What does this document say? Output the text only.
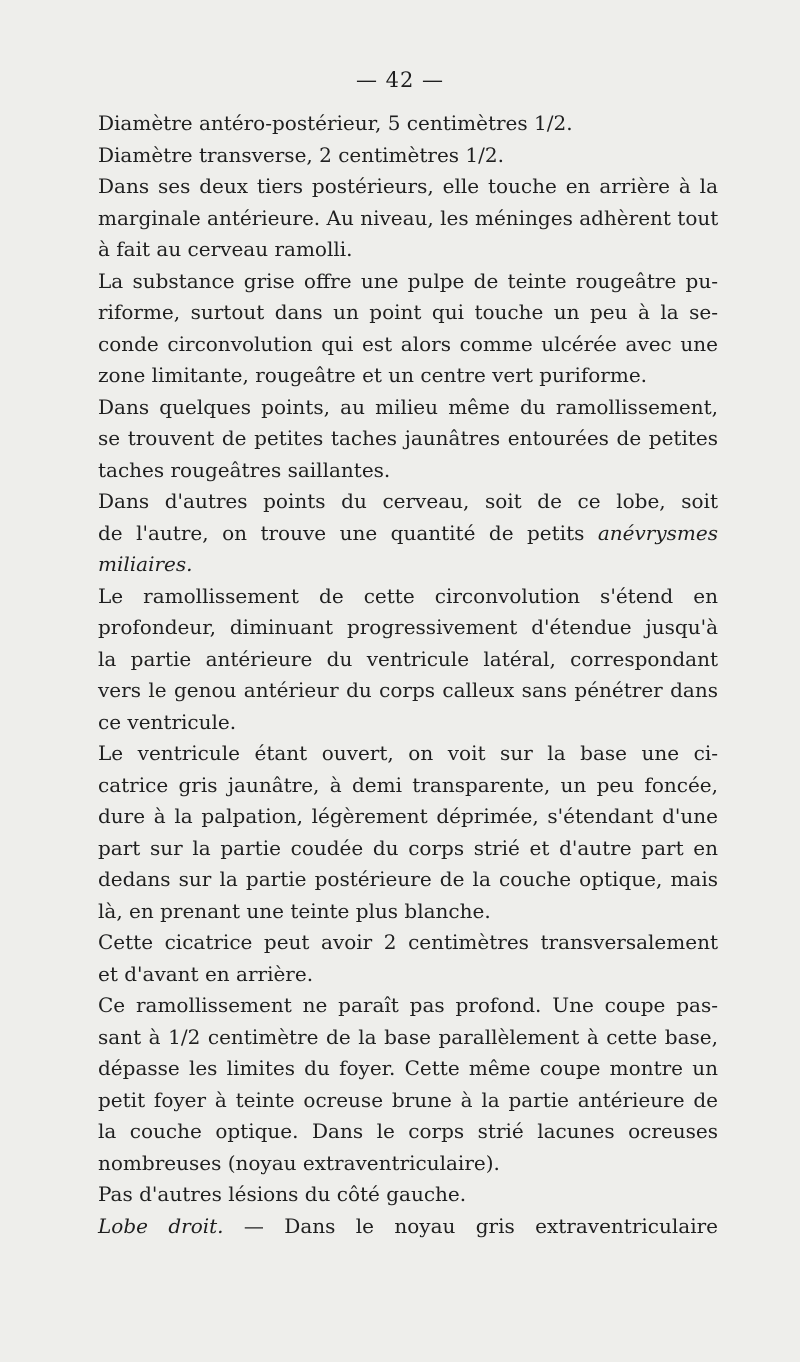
— 42 —
Diamètre antéro-postérieur, 5 centimètres 1/2.
Diamètre transverse, 2 centimètres 1/2.
Dans ses deux tiers postérieurs, elle touche en arrière à la
marginale antérieure. Au niveau, les méninges adhèrent tout
à fait au cerveau ramolli.
La substance grise offre une pulpe de teinte rougeâtre pu-
riforme, surtout dans un point qui touche un peu à la se-
conde circonvolution qui est alors comme ulcérée avec une
zone limitante, rougeâtre et un centre vert puriforme.
Dans quelques points, au milieu même du ramollissement,
se trouvent de petites taches jaunâtres entourées de petites
taches rougeâtres saillantes.
Dans d'autres points du cerveau, soit de ce lobe, soit
de l'autre, on trouve une quantité de petits anévrysmes
miliaires.
Le ramollissement de cette circonvolution s'étend en
profondeur, diminuant progressivement d'étendue jusqu'à
la partie antérieure du ventricule latéral, correspondant
vers le genou antérieur du corps calleux sans pénétrer dans
ce ventricule.
Le ventricule étant ouvert, on voit sur la base une ci-
catrice gris jaunâtre, à demi transparente, un peu foncée,
dure à la palpation, légèrement déprimée, s'étendant d'une
part sur la partie coudée du corps strié et d'autre part en
dedans sur la partie postérieure de la couche optique, mais
là, en prenant une teinte plus blanche.
Cette cicatrice peut avoir 2 centimètres transversalement
et d'avant en arrière.
Ce ramollissement ne paraît pas profond. Une coupe pas-
sant à 1/2 centimètre de la base parallèlement à cette base,
dépasse les limites du foyer. Cette même coupe montre un
petit foyer à teinte ocreuse brune à la partie antérieure de
la couche optique. Dans le corps strié lacunes ocreuses
nombreuses (noyau extraventriculaire).
Pas d'autres lésions du côté gauche.
Lobe droit. — Dans le noyau gris extraventriculaire
